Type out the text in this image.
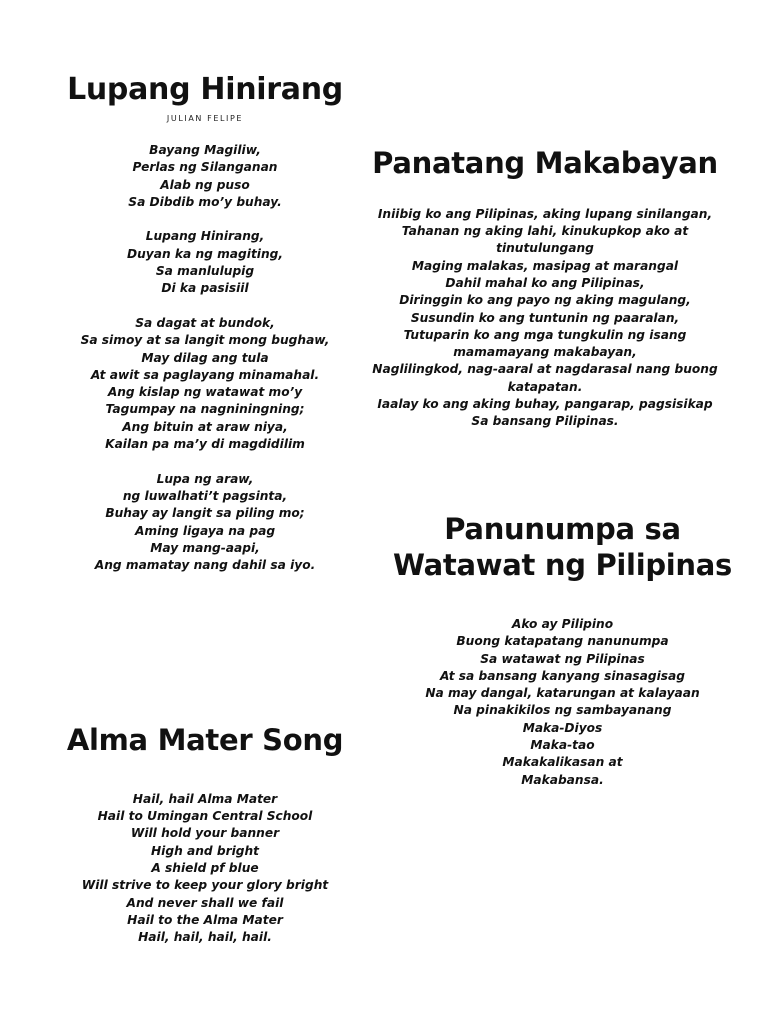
Lupang Hinirang

JULIAN FELIPE

Bayang Magiliw,
Perlas ng Silanganan
Alab ng puso
Sa Dibdib mo’y buhay.

Lupang Hinirang,
Duyan ka ng magiting,
Sa manlulupig
Di ka pasisiil

Sa dagat at bundok,
Sa simoy at sa langit mong bughaw,
May dilag ang tula
At awit sa paglayang minamahal.
Ang kislap ng watawat mo’y
Tagumpay na nagniningning;
Ang bituin at araw niya,
Kailan pa ma’y di magdidilim

Lupa ng araw,
ng luwalhati’t pagsinta,
Buhay ay langit sa piling mo;
Aming ligaya na pag
May mang-aapi,
Ang mamatay nang dahil sa iyo.

Panatang Makabayan

Iniibig ko ang Pilipinas, aking lupang sinilangan,
Tahanan ng aking lahi, kinukupkop ako at
tinutulungang
Maging malakas, masipag at marangal
Dahil mahal ko ang Pilipinas,
Diringgin ko ang payo ng aking magulang,
Susundin ko ang tuntunin ng paaralan,
Tutuparin ko ang mga tungkulin ng isang
mamamayang makabayan,
Naglilingkod, nag-aaral at nagdarasal nang buong
katapatan.
Iaalay ko ang aking buhay, pangarap, pagsisikap
Sa bansang Pilipinas.

Panunumpa sa
Watawat ng Pilipinas

Ako ay Pilipino
Buong katapatang nanunumpa
Sa watawat ng Pilipinas
At sa bansang kanyang sinasagisag
Na may dangal, katarungan at kalayaan
Na pinakikilos ng sambayanang
Maka-Diyos
Maka-tao
Makakalikasan at
Makabansa.

Alma Mater Song

Hail, hail Alma Mater
Hail to Umingan Central School
Will hold your banner
High and bright
A shield pf blue
Will strive to keep your glory bright
And never shall we fail
Hail to the Alma Mater
Hail, hail, hail, hail.
